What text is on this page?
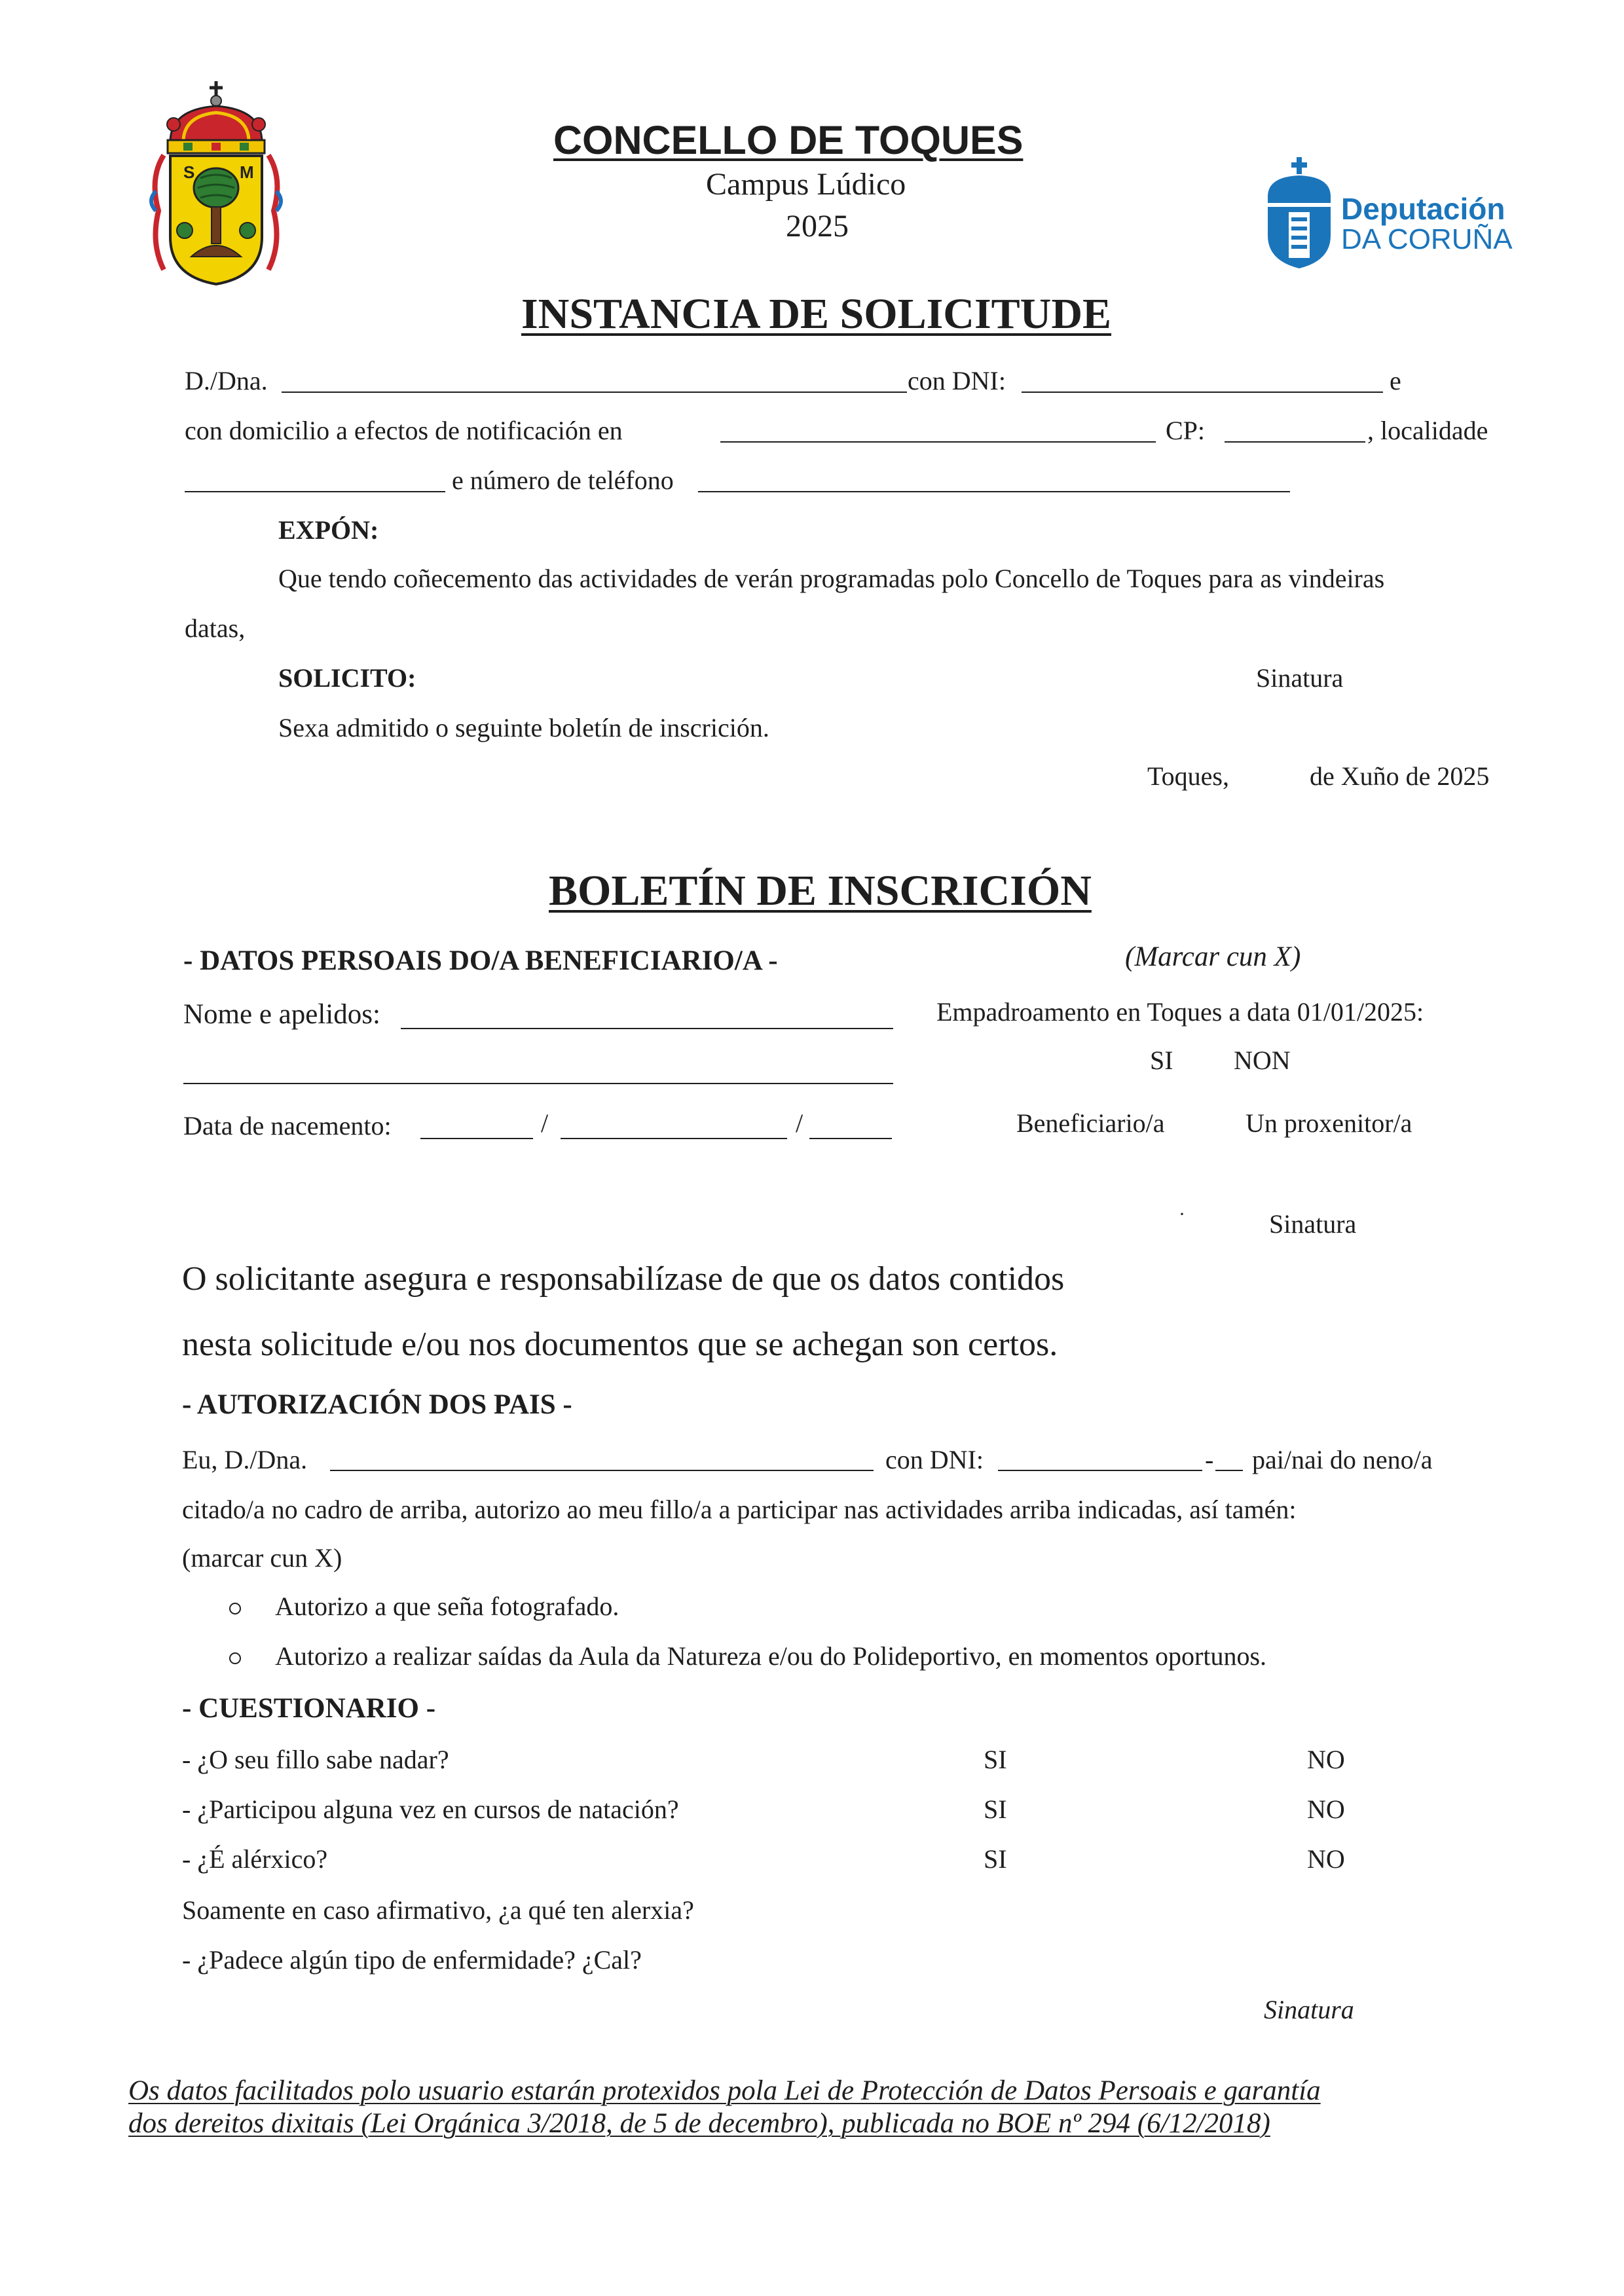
S	M
CONCELLO DE TOQUES
Campus Lúdico
2025	Deputación
DA CORUÑA
INSTANCIA DE SOLICITUDE
D./Dna.	con DNI:	e
con domicilio a efectos de notificación en	CP:	, localidade
e número de teléfono
EXPÓN:
Que tendo coñecemento das actividades de verán programadas polo Concello de Toques para as vindeiras
datas,
SOLICITO:	Sinatura
Sexa admitido o seguinte boletín de inscrición.
Toques,	de Xuño de 2025
BOLETÍN DE INSCRICIÓN
- DATOS PERSOAIS DO/A BENEFICIARIO/A -	(Marcar cun X)
Nome e apelidos:	Empadroamento en Toques a data 01/01/2025:
SI NON
Data de nacemento:	/	/	Beneficiario/a	Un proxenitor/a
·	Sinatura
O solicitante asegura e responsabilízase de que os datos contidos
nesta solicitude e/ou nos documentos que se achegan son certos.
- AUTORIZACIÓN DOS PAIS -
Eu, D./Dna.	con DNI:	- pai/nai do neno/a
citado/a no cadro de arriba, autorizo ao meu fillo/a a participar nas actividades arriba indicadas, así tamén:
(marcar cun X)
Autorizo a que seña fotografado.
Autorizo a realizar saídas da Aula da Natureza e/ou do Polideportivo, en momentos oportunos.
- CUESTIONARIO -
- ¿O seu fillo sabe nadar?	SI	NO
- ¿Participou alguna vez en cursos de natación?	SI	NO
- ¿É alérxico?	SI	NO
Soamente en caso afirmativo, ¿a qué ten alerxia?
- ¿Padece algún tipo de enfermidade? ¿Cal?
Sinatura
Os datos facilitados polo usuario estarán protexidos pola Lei de Protección de Datos Persoais e garantía
dos dereitos dixitais (Lei Orgánica 3/2018, de 5 de decembro), publicada no BOE nº 294 (6/12/2018)
